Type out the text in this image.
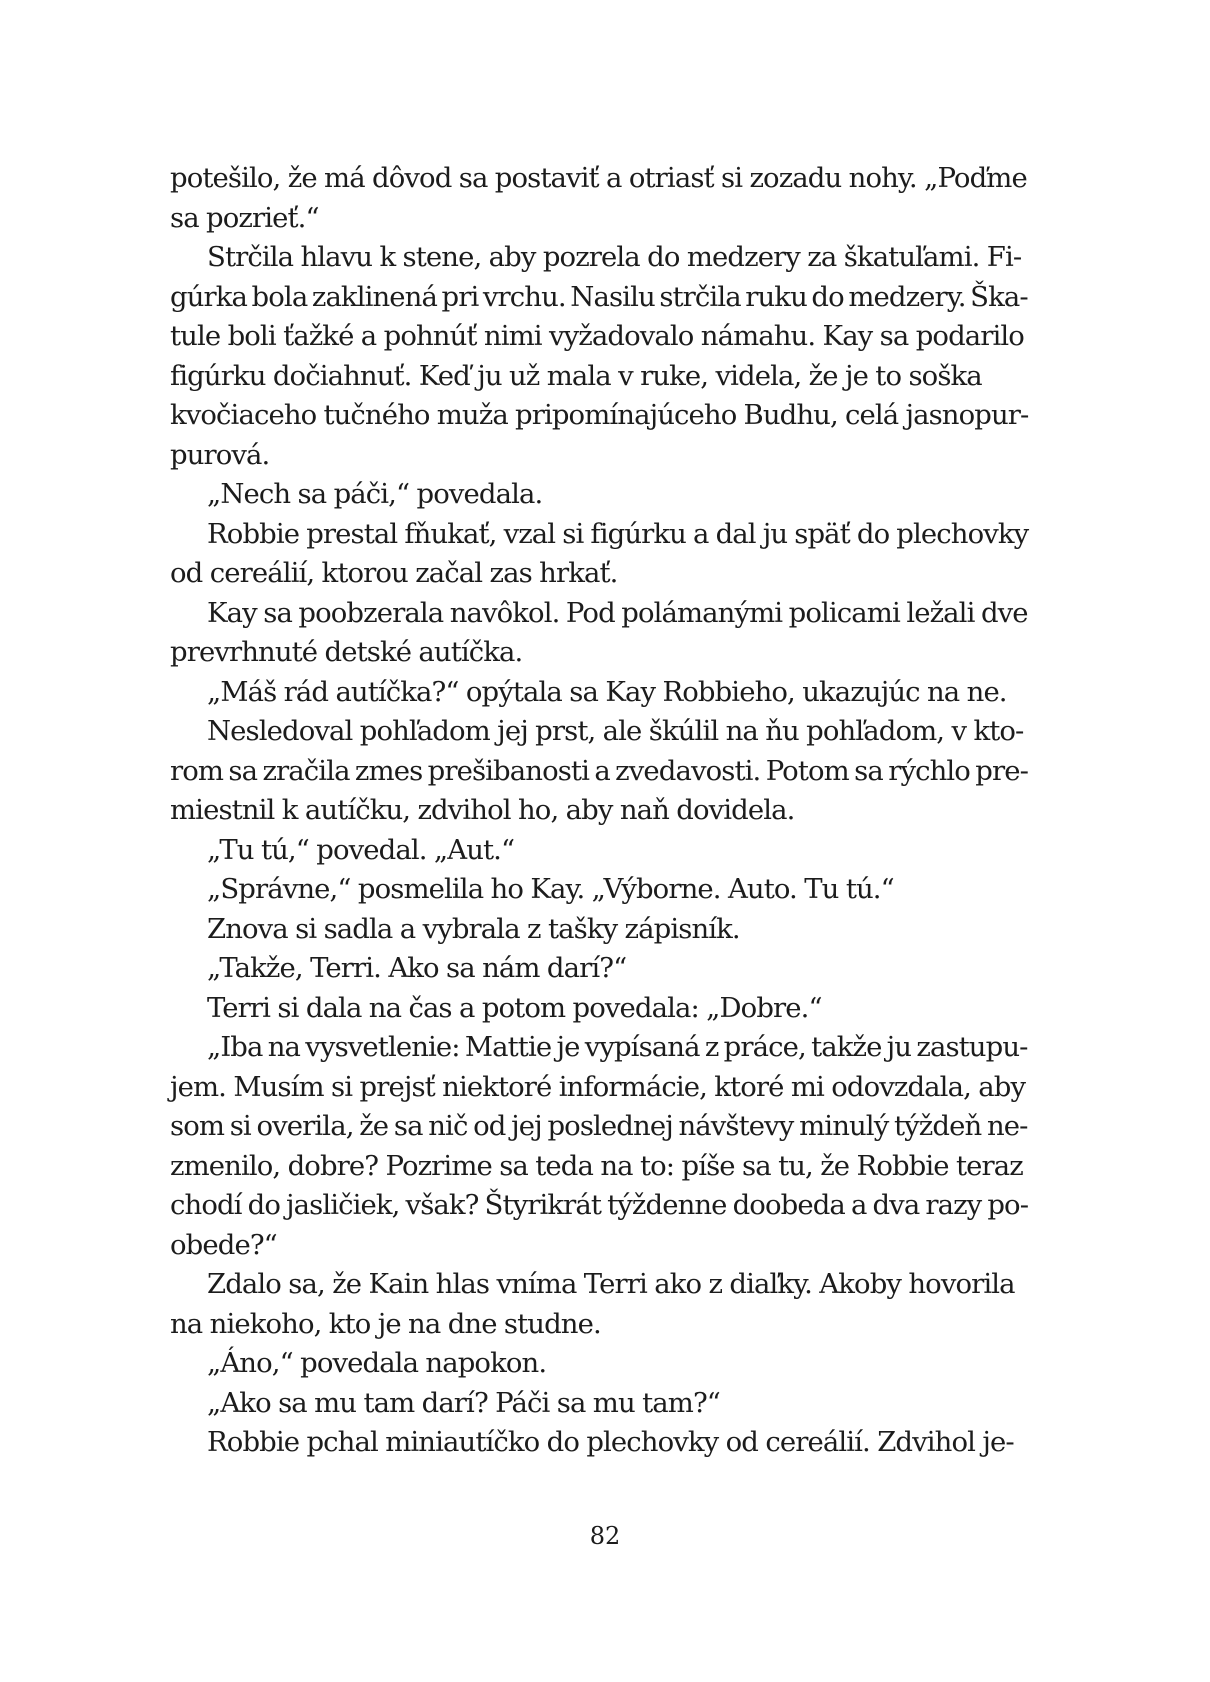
potešilo, že má dôvod sa postaviť a otriasť si zozadu nohy. „Poďme
sa pozrieť.“
Strčila hlavu k stene, aby pozrela do medzery za škatuľami. Fi-
gúrka bola zaklinená pri vrchu. Nasilu strčila ruku do medzery. Ška-
tule boli ťažké a pohnúť nimi vyžadovalo námahu. Kay sa podarilo
figúrku dočiahnuť. Keď ju už mala v ruke, videla, že je to soška
kvočiaceho tučného muža pripomínajúceho Budhu, celá jasnopur-
purová.
„Nech sa páči,“ povedala.
Robbie prestal fňukať, vzal si figúrku a dal ju späť do plechovky
od cereálií, ktorou začal zas hrkať.
Kay sa poobzerala navôkol. Pod polámanými policami ležali dve
prevrhnuté detské autíčka.
„Máš rád autíčka?“ opýtala sa Kay Robbieho, ukazujúc na ne.
Nesledoval pohľadom jej prst, ale škúlil na ňu pohľadom, v kto-
rom sa zračila zmes prešibanosti a zvedavosti. Potom sa rýchlo pre-
miestnil k autíčku, zdvihol ho, aby naň dovidela.
„Tu tú,“ povedal. „Aut.“
„Správne,“ posmelila ho Kay. „Výborne. Auto. Tu tú.“
Znova si sadla a vybrala z tašky zápisník.
„Takže, Terri. Ako sa nám darí?“
Terri si dala na čas a potom povedala: „Dobre.“
„Iba na vysvetlenie: Mattie je vypísaná z práce, takže ju zastupu-
jem. Musím si prejsť niektoré informácie, ktoré mi odovzdala, aby
som si overila, že sa nič od jej poslednej návštevy minulý týždeň ne-
zmenilo, dobre? Pozrime sa teda na to: píše sa tu, že Robbie teraz
chodí do jasličiek, však? Štyrikrát týždenne doobeda a dva razy po-
obede?“
Zdalo sa, že Kain hlas vníma Terri ako z diaľky. Akoby hovorila
na niekoho, kto je na dne studne.
„Áno,“ povedala napokon.
„Ako sa mu tam darí? Páči sa mu tam?“
Robbie pchal miniautíčko do plechovky od cereálií. Zdvihol je-
82
